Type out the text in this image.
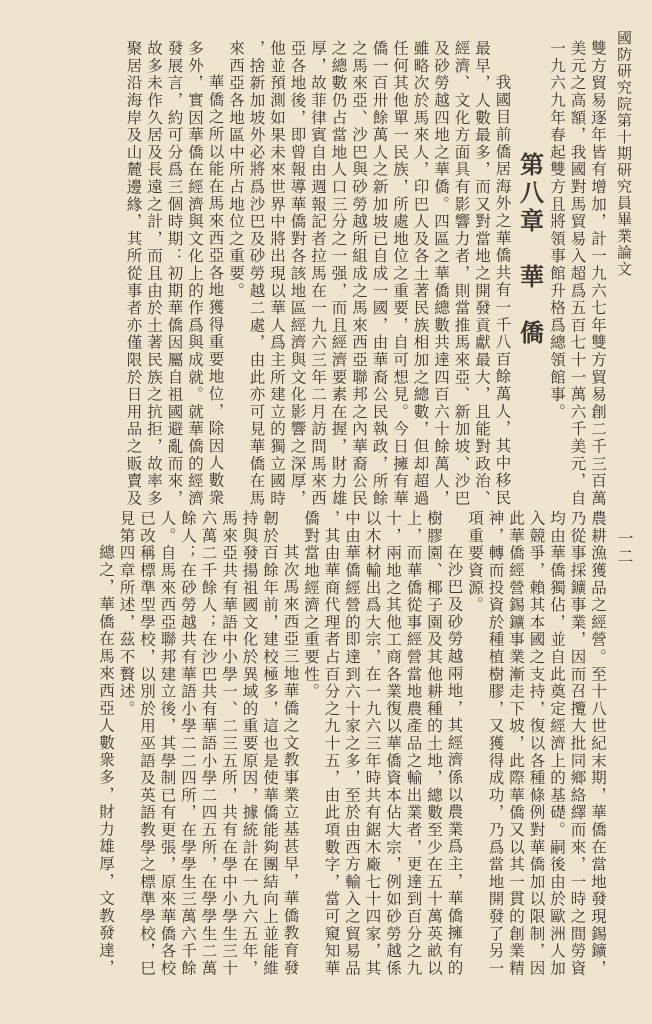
國防研究院第十期研究員畢業論文
一二
雙方貿易逐年皆有增加，計一九六七年雙方貿易創二千三百萬
美元之高額，我國對馬貿易入超爲五百七十一萬六千美元，自
一九六九年春起雙方且將領事館升格爲總領館事。
第八章　華　僑
我國目前僑居海外之華僑共有一千八百餘萬人，其中移民
最早，人數最多，而又對當地之開發貢獻最大，且能對政治、
經濟、文化方面具有影響力者，則當推馬來亞、新加坡、沙巴
及砂勞越四地之華僑。四區之華僑總數共達四百六十餘萬人，
雖略次於馬來人，印巴人及各土著民族相加之總數，但却超過
任何其他單一民族，所處地位之重要，自可想見。今日擁有華
僑一百卅餘萬人之新加坡已自成一國，由華裔公民執政，所餘
之馬來亞、沙巴與砂勞越所組成之馬來西亞聯邦之內華裔公民
之總數仍占當地人口三分之一强，而且經濟要素在握，財力雄
厚，故菲律賓自由週報記者拉馬在一九六三年二月訪問馬來西
亞各地後，即曾報導華僑對各該地區經濟與文化影響之深厚，
他並預測如果未來世界中將出現以華人爲主所建立的獨立國時
，捨新加坡外必將爲沙巴及砂勞越二處，由此亦可見華僑在馬
來西亞各地區中所占地位之重要。
華僑之所以能在馬來西亞各地獲得重要地位，除因人數衆
多外，實因華僑在經濟與文化上的作爲與成就。就華僑的經濟
發展言，約可分爲三個時期：初期華僑因屬自祖國避亂而來，
故多未作久居及長遠之計，而且由於土著民族之抗拒，故率多
聚居沿海岸及山麓邊緣，其所從事者亦僅限於日用品之販賣及
農耕漁獲品之經營。至十八世紀末期，華僑在當地發現錫鑛，
乃從事採鑛事業，因而召攬大批同鄉絡繹而來，一時之間勞資
均由華僑獨佔，並自此奠定經濟上的基礎。嗣後由於歐洲人加
入競爭，賴其本國之支持，復以各種條例對華僑加以限制，因
此華僑經營錫鑛事業漸走下坡，此際華僑又以其一貫的創業精
神，轉而投資於種植樹膠，又獲得成功，乃爲當地開發了另一
項重要資源。
在沙巴及砂勞越兩地，其經濟係以農業爲主，華僑擁有的
樹膠園、椰子園及其他耕種的土地，總數至少在五十萬英畝以
上，而華僑從事經營當地農產品之輸出業者，更達到百分之九
十，兩地之其他工商各業復以華僑資本佔大宗，例如砂勞越係
以木材輸出爲大宗，在一九六三年時共有鋸木廠七十四家，其
中由華僑經營的即達到六十家之多，至於由西方輸入之貿易品
，其由華商代理者占百分之九十五，由此項數字，當可窺知華
僑對當地經濟之重要性。
其次馬來西亞三地華僑之文教事業立基甚早，華僑教育發
韌於百餘年前，建校極多，這也是使華僑能夠團結向上並能維
持與發揚祖國文化於異域的重要原因，據統計在一九六五年，
馬來亞共有華語中小學一、二三五所，共有在學中小學生三十
六萬二千餘人；在沙巴共有華語小學二四五所，在學學生二萬
餘人；在砂勞越共有華語小學二二四所，在學學生三萬六千餘
人。自馬來西亞聯邦建立後，其學制已有更張，原來華僑各校
已改稱標準型學校，以別於用巫語及英語教學之標準學校，巳
見第四章所述，茲不贅述。
總之，華僑在馬來西亞人數衆多，財力雄厚，文教發達，
